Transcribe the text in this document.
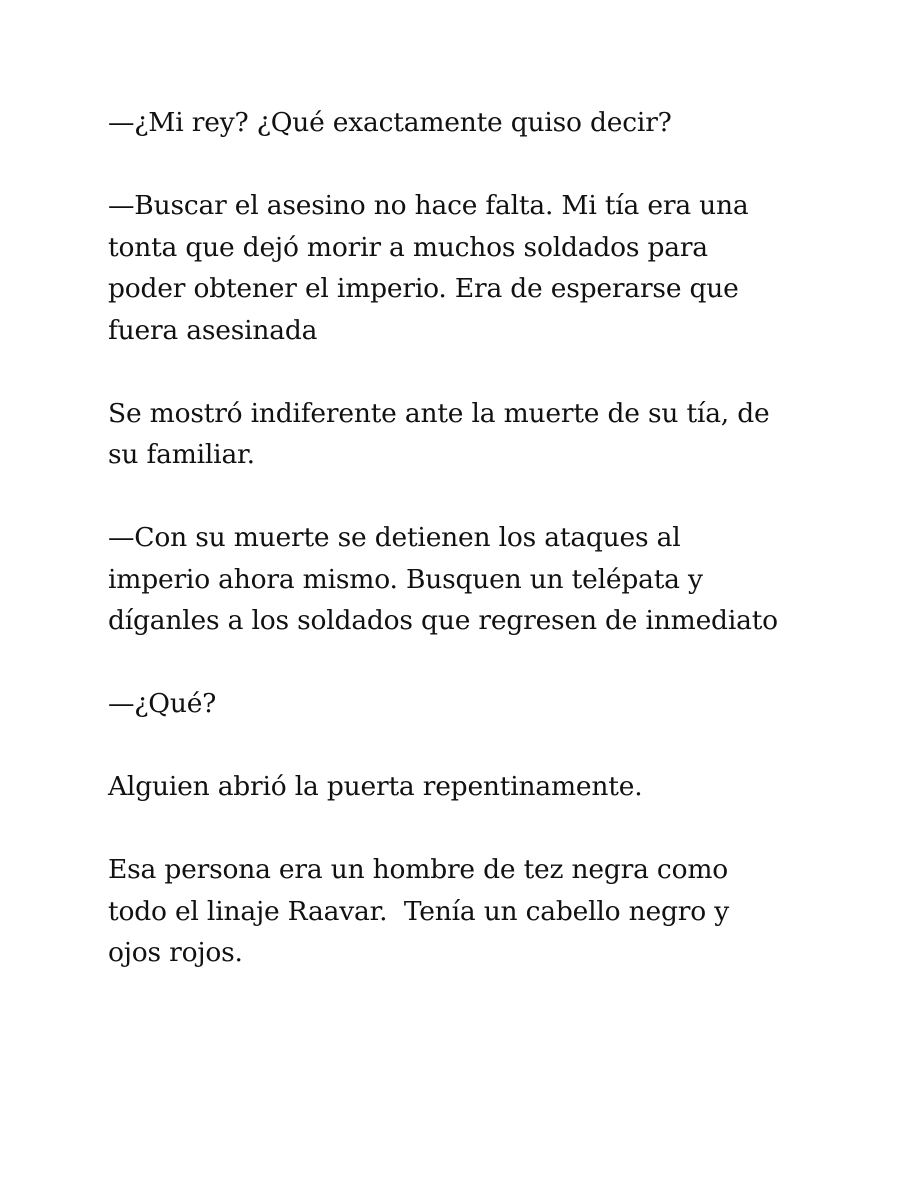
—¿Mi rey? ¿Qué exactamente quiso decir?

—Buscar el asesino no hace falta. Mi tía era una tonta que dejó morir a muchos soldados para poder obtener el imperio. Era de esperarse que fuera asesinada

Se mostró indiferente ante la muerte de su tía, de su familiar.

—Con su muerte se detienen los ataques al imperio ahora mismo. Busquen un telépata y díganles a los soldados que regresen de inmediato

—¿Qué?

Alguien abrió la puerta repentinamente.

Esa persona era un hombre de tez negra como todo el linaje Raavar.  Tenía un cabello negro y ojos rojos.
